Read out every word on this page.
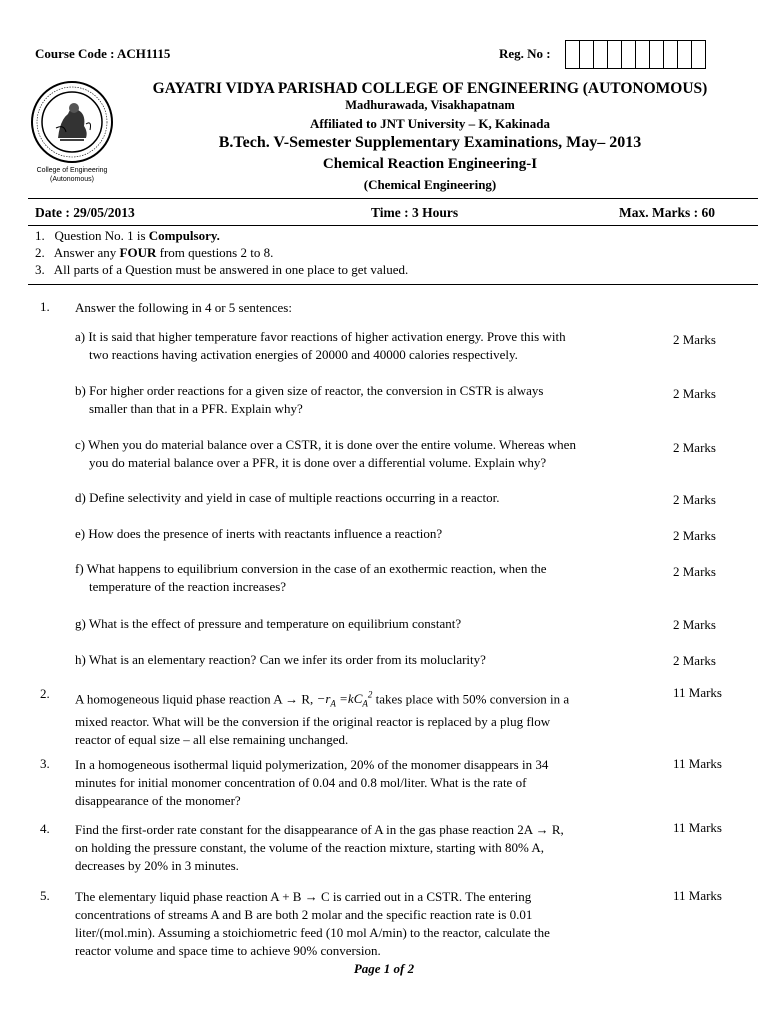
Course Code : ACH1115	Reg. No :
College of Engineering
(Autonomous)
GAYATRI VIDYA PARISHAD COLLEGE OF ENGINEERING (AUTONOMOUS)
Madhurawada, Visakhapatnam
Affiliated to JNT University – K, Kakinada
B.Tech. V-Semester Supplementary Examinations, May– 2013
Chemical Reaction Engineering-I
(Chemical Engineering)
Date : 29/05/2013	Time : 3 Hours	Max. Marks : 60
1. Question No. 1 is Compulsory.
2. Answer any FOUR from questions 2 to 8.
3. All parts of a Question must be answered in one place to get valued.
1. Answer the following in 4 or 5 sentences:
a) It is said that higher temperature favor reactions of higher activation energy. Prove this with
two reactions having activation energies of 20000 and 40000 calories respectively.
2 Marks
b) For higher order reactions for a given size of reactor, the conversion in CSTR is always
smaller than that in a PFR. Explain why?
2 Marks
c) When you do material balance over a CSTR, it is done over the entire volume. Whereas when
you do material balance over a PFR, it is done over a differential volume. Explain why?
2 Marks
d) Define selectivity and yield in case of multiple reactions occurring in a reactor.	2 Marks
e) How does the presence of inerts with reactants influence a reaction?	2 Marks
f) What happens to equilibrium conversion in the case of an exothermic reaction, when the
temperature of the reaction increases?
2 Marks
g) What is the effect of pressure and temperature on equilibrium constant?	2 Marks
h) What is an elementary reaction? Can we infer its order from its moluclarity?	2 Marks
2. A homogeneous liquid phase reaction A → R, $-r_A =kC_A^2$ takes place with 50% conversion in a
mixed reactor. What will be the conversion if the original reactor is replaced by a plug flow
reactor of equal size – all else remaining unchanged.
11 Marks
3. In a homogeneous isothermal liquid polymerization, 20% of the monomer disappears in 34
minutes for initial monomer concentration of 0.04 and 0.8 mol/liter. What is the rate of
disappearance of the monomer?
11 Marks
4. Find the first-order rate constant for the disappearance of A in the gas phase reaction 2A → R,
on holding the pressure constant, the volume of the reaction mixture, starting with 80% A,
decreases by 20% in 3 minutes.
11 Marks
5. The elementary liquid phase reaction A + B → C is carried out in a CSTR. The entering
concentrations of streams A and B are both 2 molar and the specific reaction rate is 0.01
liter/(mol.min). Assuming a stoichiometric feed (10 mol A/min) to the reactor, calculate the
reactor volume and space time to achieve 90% conversion.
11 Marks
Page 1 of 2
